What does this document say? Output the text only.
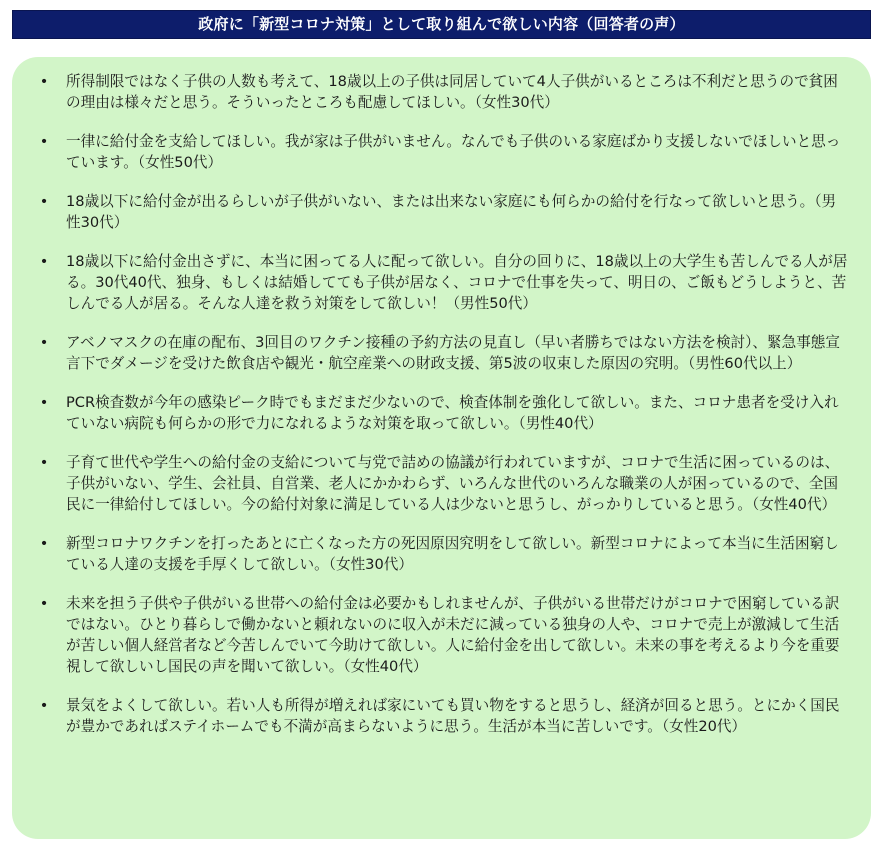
政府に「新型コロナ対策」として取り組んで欲しい内容（回答者の声）
•	所得制限ではなく子供の人数も考えて、18歳以上の子供は同居していて4人子供がいるところは不利だと思うので貧困の理由は様々だと思う。そういったところも配慮してほしい。（女性30代）
•	一律に給付金を支給してほしい。我が家は子供がいません。なんでも子供のいる家庭ばかり支援しないでほしいと思っています。（女性50代）
•	18歳以下に給付金が出るらしいが子供がいない、または出来ない家庭にも何らかの給付を行なって欲しいと思う。（男性30代）
•	18歳以下に給付金出さずに、本当に困ってる人に配って欲しい。自分の回りに、18歳以上の大学生も苦しんでる人が居る。30代40代、独身、もしくは結婚してても子供が居なく、コロナで仕事を失って、明日の、ご飯もどうしようと、苦しんでる人が居る。そんな人達を救う対策をして欲しい！（男性50代）
•	アベノマスクの在庫の配布、3回目のワクチン接種の予約方法の見直し（早い者勝ちではない方法を検討）、緊急事態宣言下でダメージを受けた飲食店や観光・航空産業への財政支援、第5波の収束した原因の究明。（男性60代以上）
•	PCR検査数が今年の感染ピーク時でもまだまだ少ないので、検査体制を強化して欲しい。また、コロナ患者を受け入れていない病院も何らかの形で力になれるような対策を取って欲しい。（男性40代）
•	子育て世代や学生への給付金の支給について与党で詰めの協議が行われていますが、コロナで生活に困っているのは、子供がいない、学生、会社員、自営業、老人にかかわらず、いろんな世代のいろんな職業の人が困っているので、全国民に一律給付してほしい。今の給付対象に満足している人は少ないと思うし、がっかりしていると思う。（女性40代）
•	新型コロナワクチンを打ったあとに亡くなった方の死因原因究明をして欲しい。新型コロナによって本当に生活困窮している人達の支援を手厚くして欲しい。（女性30代）
•	未来を担う子供や子供がいる世帯への給付金は必要かもしれませんが、子供がいる世帯だけがコロナで困窮している訳ではない。ひとり暮らしで働かないと頼れないのに収入が未だに減っている独身の人や、コロナで売上が激減して生活が苦しい個人経営者など今苦しんでいて今助けて欲しい。人に給付金を出して欲しい。未来の事を考えるより今を重要視して欲しいし国民の声を聞いて欲しい。（女性40代）
•	景気をよくして欲しい。若い人も所得が増えれば家にいても買い物をすると思うし、経済が回ると思う。とにかく国民が豊かであればステイホームでも不満が高まらないように思う。生活が本当に苦しいです。（女性20代）
